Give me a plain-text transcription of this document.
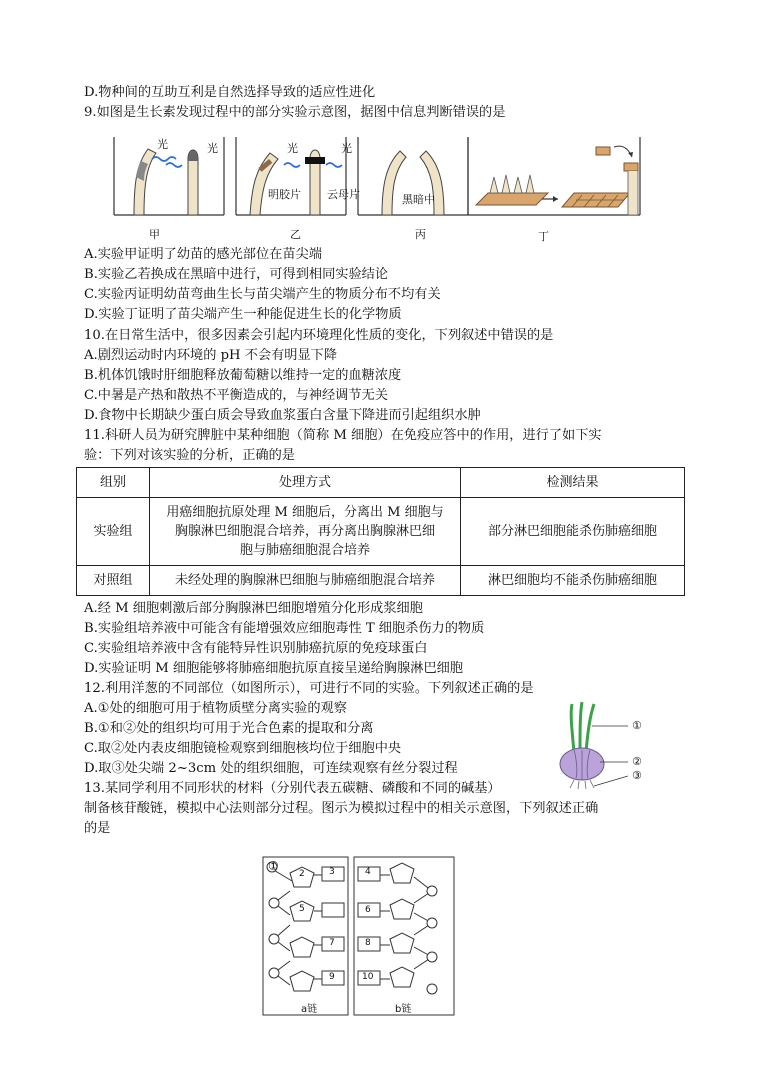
D.物种间的互助互利是自然选择导致的适应性进化
9.如图是生长素发现过程中的部分实验示意图，据图中信息判断错误的是
光	光	光	光
明胶片 云母片	黑暗中
甲	乙	丙	丁
A.实验甲证明了幼苗的感光部位在苗尖端
B.实验乙若换成在黑暗中进行，可得到相同实验结论
C.实验丙证明幼苗弯曲生长与苗尖端产生的物质分布不均有关
D.实验丁证明了苗尖端产生一种能促进生长的化学物质
10.在日常生活中，很多因素会引起内环境理化性质的变化，下列叙述中错误的是
A.剧烈运动时内环境的 pH 不会有明显下降
B.机体饥饿时肝细胞释放葡萄糖以维持一定的血糖浓度
C.中暑是产热和散热不平衡造成的，与神经调节无关
D.食物中长期缺少蛋白质会导致血浆蛋白含量下降进而引起组织水肿
11.科研人员为研究脾脏中某种细胞（简称 M 细胞）在免疫应答中的作用，进行了如下实
验：下列对该实验的分析，正确的是
组别	处理方式	检测结果
实验组	用癌细胞抗原处理 M 细胞后，分离出 M 细胞与
胸腺淋巴细胞混合培养，再分离出胸腺淋巴细
胞与肺癌细胞混合培养	部分淋巴细胞能杀伤肺癌细胞
对照组	未经处理的胸腺淋巴细胞与肺癌细胞混合培养	淋巴细胞均不能杀伤肺癌细胞
A.经 M 细胞刺激后部分胸腺淋巴细胞增殖分化形成浆细胞
B.实验组培养液中可能含有能增强效应细胞毒性 T 细胞杀伤力的物质
C.实验组培养液中含有能特异性识别肺癌抗原的免疫球蛋白
D.实验证明 M 细胞能够将肺癌细胞抗原直接呈递给胸腺淋巴细胞
12.利用洋葱的不同部位（如图所示），可进行不同的实验。下列叙述正确的是
A.①处的细胞可用于植物质壁分离实验的观察
B.①和②处的组织均可用于光合色素的提取和分离
C.取②处内表皮细胞镜检观察到细胞核均位于细胞中央
D.取③处尖端 2~3cm 处的组织细胞，可连续观察有丝分裂过程
①
②
③
13.某同学利用不同形状的材料（分别代表五碳糖、磷酸和不同的碱基）
制备核苷酸链，模拟中心法则部分过程。图示为模拟过程中的相关示意图，下列叙述正确
的是
①
2	3	4
5	6
7	8
9	10
a链	b链
